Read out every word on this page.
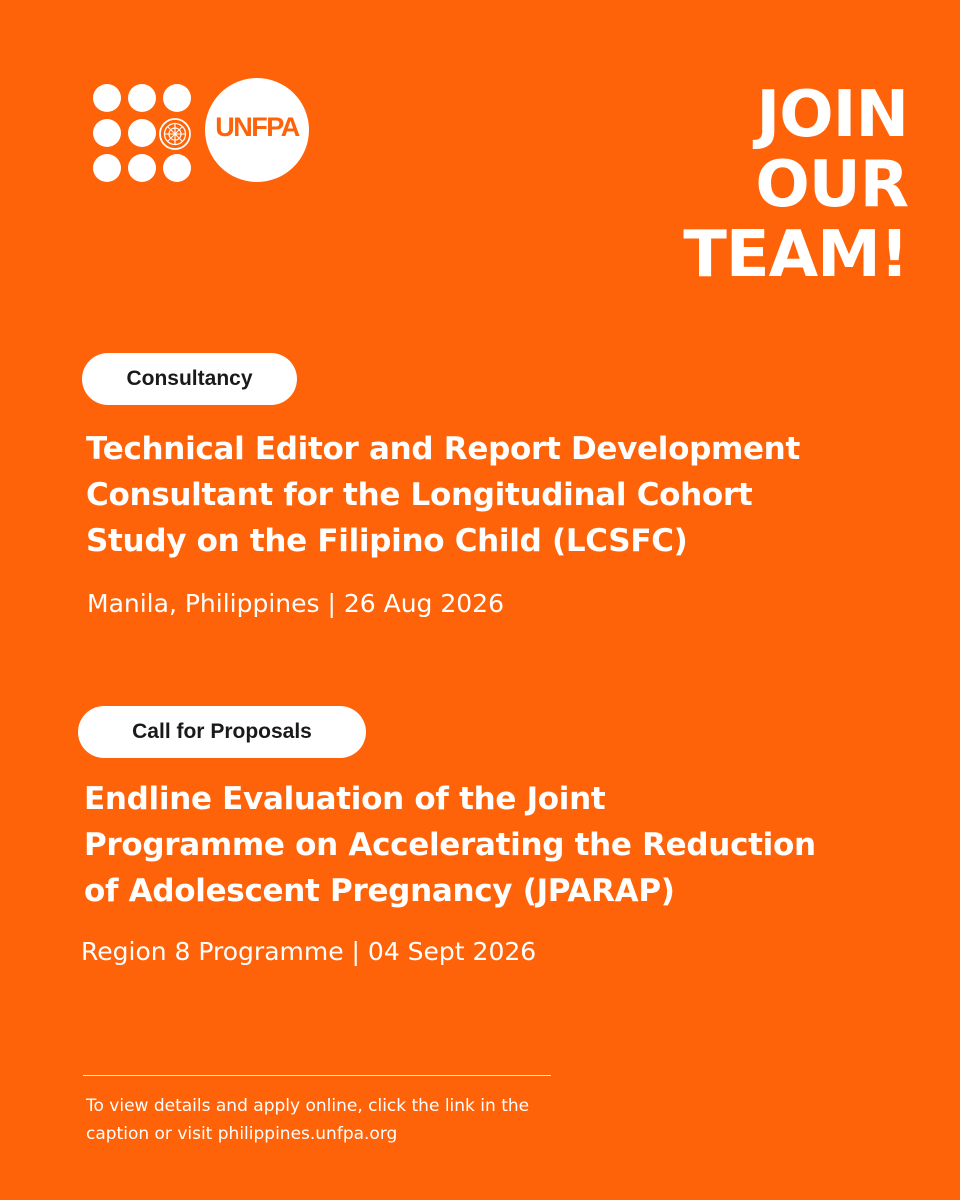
UNFPA	JOIN
OUR
TEAM!
Consultancy
Technical Editor and Report Development
Consultant for the Longitudinal Cohort
Study on the Filipino Child (LCSFC)
Manila, Philippines | 26 Aug 2026
Call for Proposals
Endline Evaluation of the Joint
Programme on Accelerating the Reduction
of Adolescent Pregnancy (JPARAP)
Region 8 Programme | 04 Sept 2026
To view details and apply online, click the link in the
caption or visit philippines.unfpa.org
